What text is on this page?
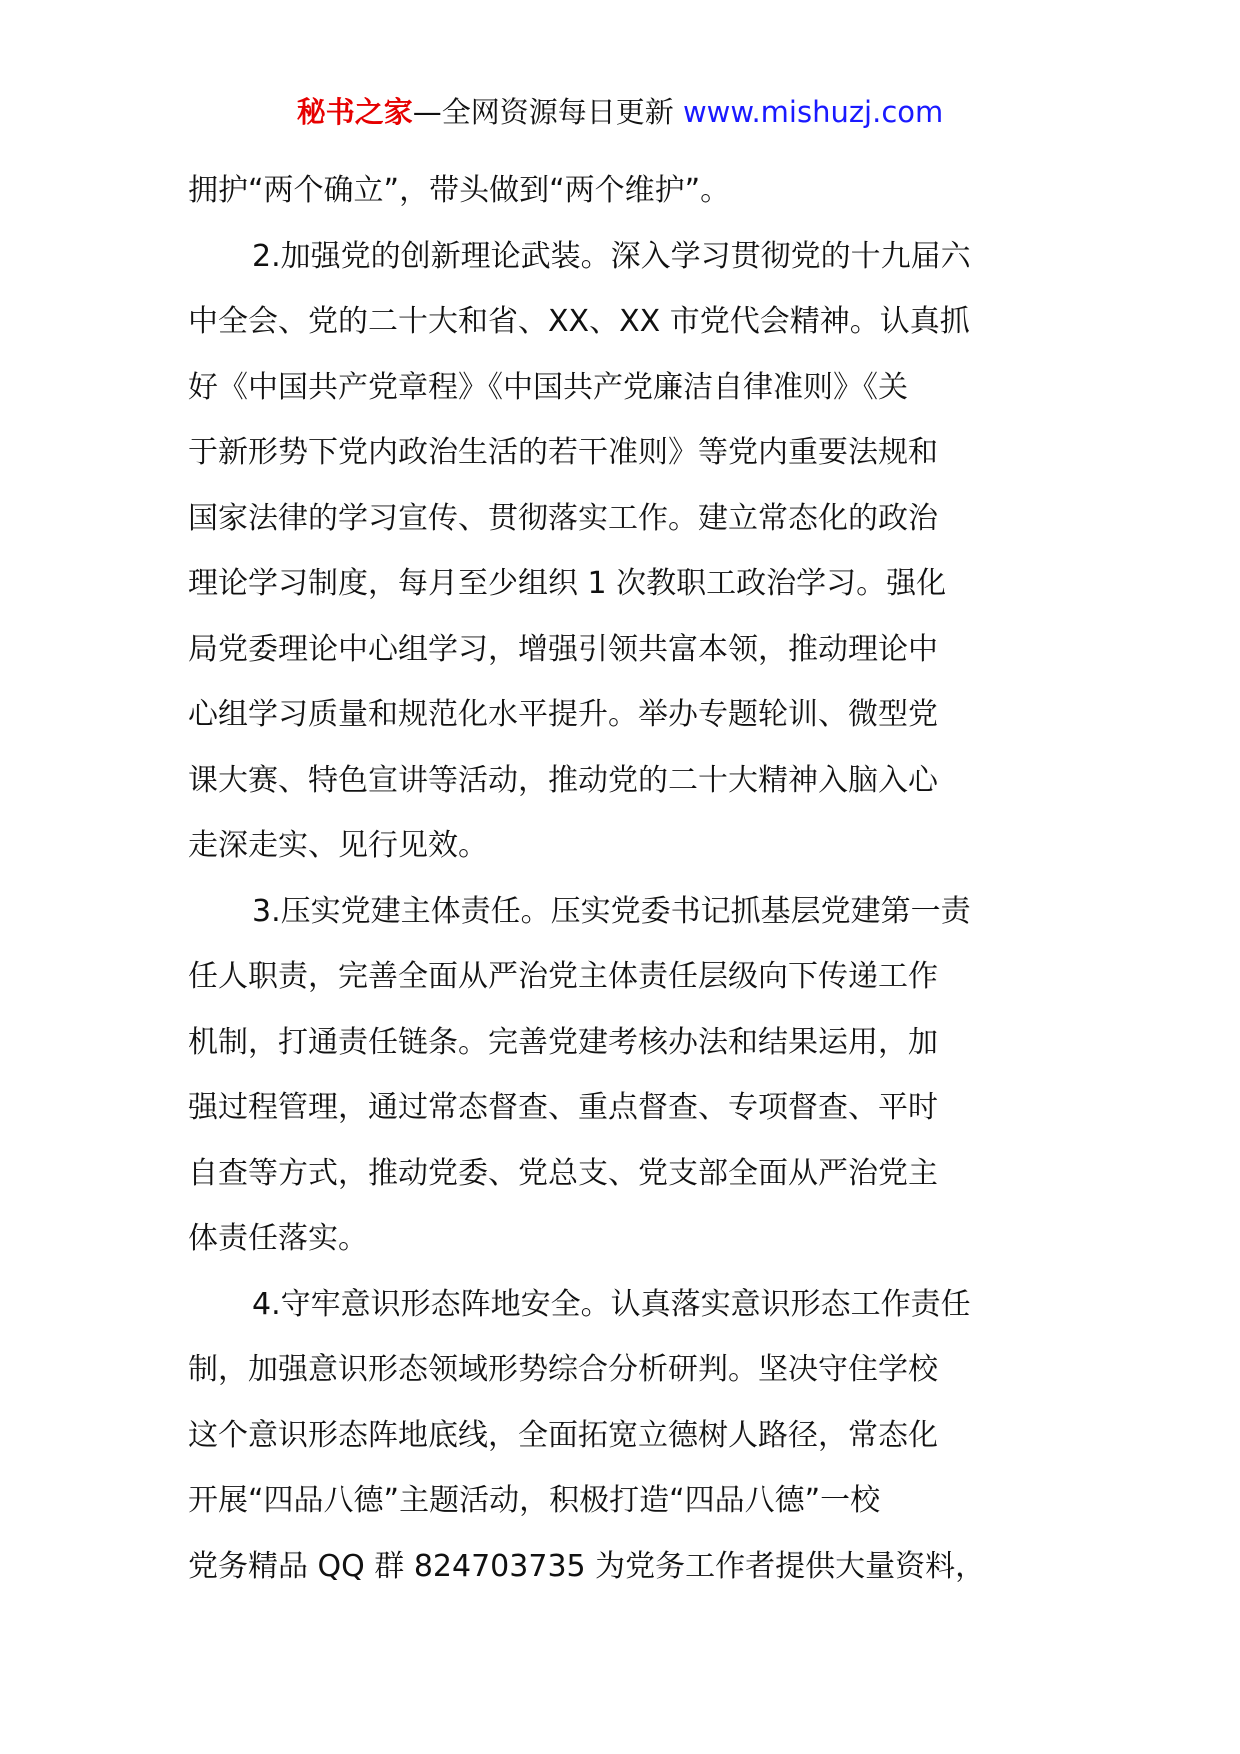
秘书之家—全网资源每日更新 www.mishuzj.com
拥护“两个确立”，带头做到“两个维护”。
2.加强党的创新理论武装。深入学习贯彻党的十九届六
中全会、党的二十大和省、XX、XX 市党代会精神。认真抓
好《中国共产党章程》《中国共产党廉洁自律准则》《关
于新形势下党内政治生活的若干准则》等党内重要法规和
国家法律的学习宣传、贯彻落实工作。建立常态化的政治
理论学习制度，每月至少组织 1 次教职工政治学习。强化
局党委理论中心组学习，增强引领共富本领，推动理论中
心组学习质量和规范化水平提升。举办专题轮训、微型党
课大赛、特色宣讲等活动，推动党的二十大精神入脑入心
走深走实、见行见效。
3.压实党建主体责任。压实党委书记抓基层党建第一责
任人职责，完善全面从严治党主体责任层级向下传递工作
机制，打通责任链条。完善党建考核办法和结果运用，加
强过程管理，通过常态督查、重点督查、专项督查、平时
自查等方式，推动党委、党总支、党支部全面从严治党主
体责任落实。
4.守牢意识形态阵地安全。认真落实意识形态工作责任
制，加强意识形态领域形势综合分析研判。坚决守住学校
这个意识形态阵地底线，全面拓宽立德树人路径，常态化
开展“四品八德”主题活动，积极打造“四品八德”一校
党务精品 QQ 群 824703735 为党务工作者提供大量资料，
